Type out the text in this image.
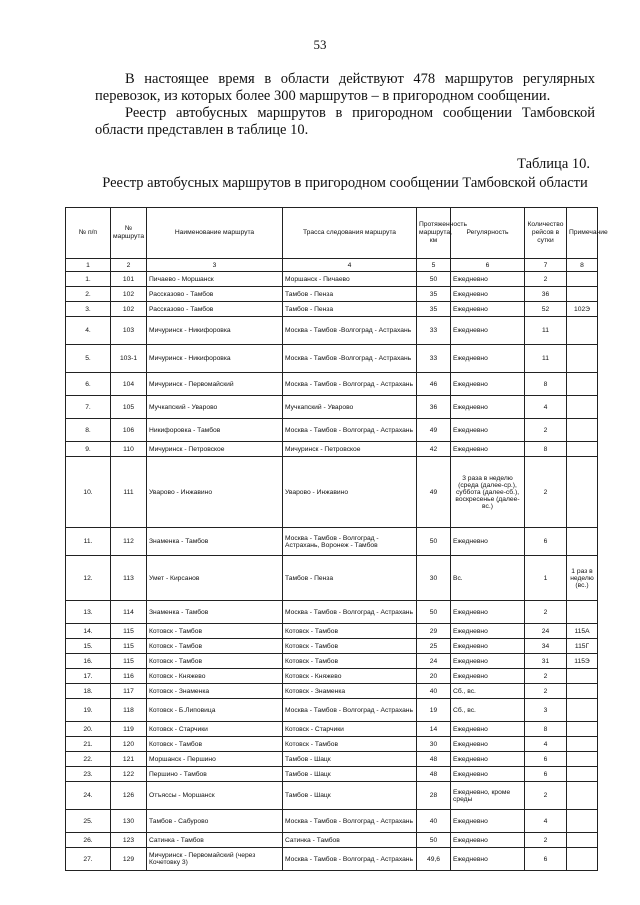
53
В настоящее время в области действуют 478 маршрутов регулярных перевозок, из которых более 300 маршрутов – в пригородном сообщении.
Реестр автобусных маршрутов в пригородном сообщении Тамбовской области представлен в таблице 10.
Таблица 10.
Реестр автобусных маршрутов в пригородном сообщении Тамбовской области
№ п/п	№ маршрута	Наименование маршрута	Трасса следования маршрута	Протяженность маршрута, км	Регулярность	Количество рейсов в сутки	Примечание
1	2	3	4	5	6	7	8
1.	101	Пичаево - Моршанск	Моршанск - Пичаево	50	Ежедневно	2	
2.	102	Рассказово - Тамбов	Тамбов - Пенза	35	Ежедневно	36	
3.	102	Рассказово - Тамбов	Тамбов - Пенза	35	Ежедневно	52	102Э
4.	103	Мичуринск - Никифоровка	Москва - Тамбов -Волгоград - Астрахань	33	Ежедневно	11	
5.	103-1	Мичуринск - Никифоровка	Москва - Тамбов -Волгоград - Астрахань	33	Ежедневно	11	
6.	104	Мичуринск - Первомайский	Москва - Тамбов - Волгоград - Астрахань	46	Ежедневно	8	
7.	105	Мучкапский - Уварово	Мучкапский - Уварово	36	Ежедневно	4	
8.	106	Никифоровка - Тамбов	Москва - Тамбов - Волгоград - Астрахань	49	Ежедневно	2	
9.	110	Мичуринск - Петровское	Мичуринск - Петровское	42	Ежедневно	8	
10.	111	Уварово - Инжавино	Уварово - Инжавино	49	3 раза в неделю (среда (далее-ср.), суббота (далее-сб.), воскресенье (далее-вс.)	2	
11.	112	Знаменка - Тамбов	Москва - Тамбов - Волгоград - Астрахань, Воронеж - Тамбов	50	Ежедневно	6	
12.	113	Умет - Кирсанов	Тамбов - Пенза	30	Вс.	1	1 раз в неделю (вс.)
13.	114	Знаменка - Тамбов	Москва - Тамбов - Волгоград - Астрахань	50	Ежедневно	2	
14.	115	Котовск - Тамбов	Котовск - Тамбов	29	Ежедневно	24	115А
15.	115	Котовск - Тамбов	Котовск - Тамбов	25	Ежедневно	34	115Г
16.	115	Котовск - Тамбов	Котовск - Тамбов	24	Ежедневно	31	115Э
17.	116	Котовск - Княжево	Котовск - Княжево	20	Ежедневно	2	
18.	117	Котовск - Знаменка	Котовск - Знаменка	40	Сб., вс.	2	
19.	118	Котовск - Б.Липовица	Москва - Тамбов - Волгоград - Астрахань	19	Сб., вс.	3	
20.	119	Котовск - Старчики	Котовск - Старчики	14	Ежедневно	8	
21.	120	Котовск - Тамбов	Котовск - Тамбов	30	Ежедневно	4	
22.	121	Моршанск - Першино	Тамбов - Шацк	48	Ежедневно	6	
23.	122	Першино - Тамбов	Тамбов - Шацк	48	Ежедневно	6	
24.	126	Отъяссы - Моршанск	Тамбов - Шацк	28	Ежедневно, кроме среды	2	
25.	130	Тамбов - Сабурово	Москва - Тамбов - Волгоград - Астрахань	40	Ежедневно	4	
26.	123	Сатинка - Тамбов	Сатинка - Тамбов	50	Ежедневно	2	
27.	129	Мичуринск - Первомайский (через Кочетовку 3)	Москва - Тамбов - Волгоград - Астрахань	49,6	Ежедневно	6	
